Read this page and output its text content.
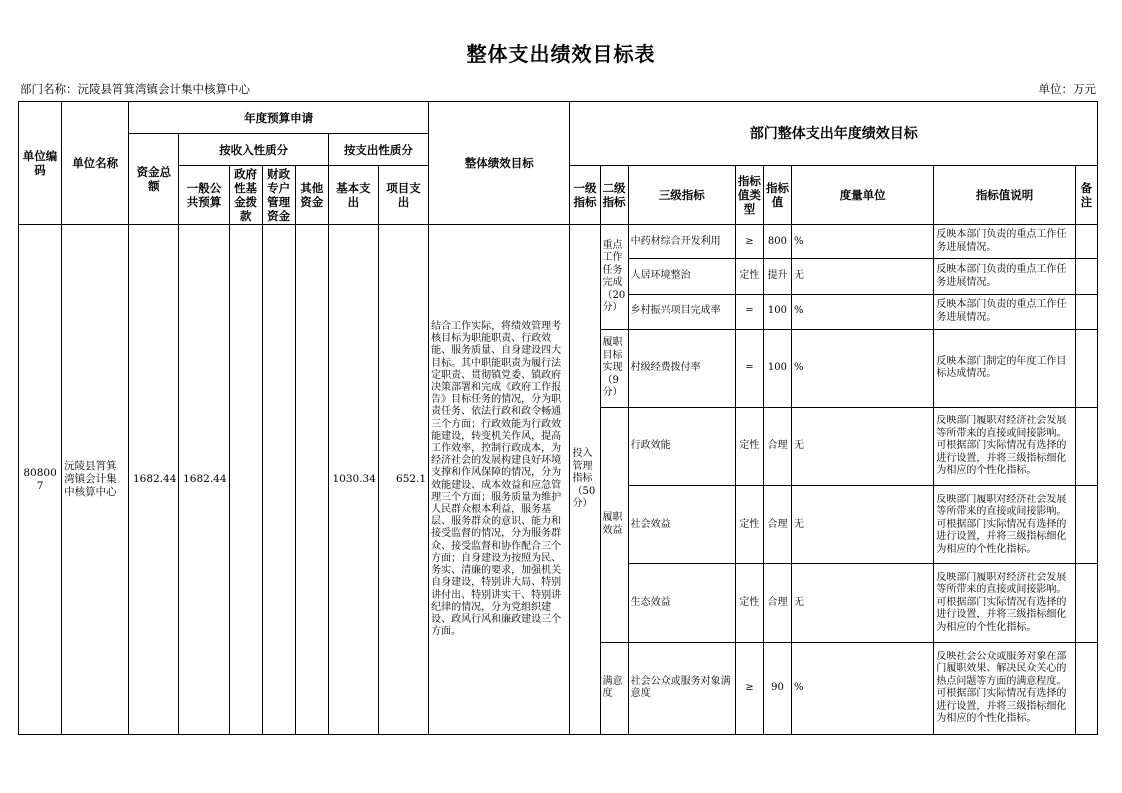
整体支出绩效目标表
部门名称：沅陵县筲箕湾镇会计集中核算中心	单位：万元
单位编码	单位名称	年度预算申请							整体绩效目标	部门整体支出年度绩效目标							
		资金总额	按收入性质分				按支出性质分										
			一般公共预算	政府性基金拨款	财政专户管理资金	其他资金	基本支出	项目支出		一级指标	二级指标	三级指标	指标值类型	指标值	度量单位	指标值说明	备注

808007	沅陵县筲箕湾镇会计集中核算中心	1682.44	1682.44				1030.34	652.1	结合工作实际，将绩效管理考核目标为职能职责、行政效能、服务质量、自身建设四大目标。其中职能职责为履行法定职责、贯彻镇党委、镇政府决策部署和完成《政府工作报告》目标任务的情况，分为职责任务、依法行政和政令畅通三个方面；行政效能为行政效能建设，转变机关作风，提高工作效率，控制行政成本，为经济社会的发展构建良好环境支撑和作风保障的情况，分为效能建设、成本效益和应急管理三个方面；服务质量为维护人民群众根本利益，服务基层、服务群众的意识、能力和接受监督的情况，分为服务群众、接受监督和协作配合三个方面；自身建设为按照为民、务实、清廉的要求，加强机关自身建设，特别讲大局、特别讲付出、特别讲实干、特别讲纪律的情况，分为党组织建设、政风行风和廉政建设三个方面。	投入管理指标（50分）	重点工作任务完成（20分）	中药材综合开发利用	≥	800	%	反映本部门负责的重点工作任务进展情况。	
												人居环境整治	定性	提升	无	反映本部门负责的重点工作任务进展情况。	
												乡村振兴项目完成率	=	100	%	反映本部门负责的重点工作任务进展情况。	
											履职目标实现（9分）	村级经费拨付率	=	100	%	反映本部门制定的年度工作目标达成情况。	
											履职效益	行政效能	定性	合理	无	反映部门履职对经济社会发展等所带来的直接或间接影响。可根据部门实际情况有选择的进行设置，并将三级指标细化为相应的个性化指标。	

												社会效益	定性	合理	无	反映部门履职对经济社会发展等所带来的直接或间接影响。可根据部门实际情况有选择的进行设置，并将三级指标细化为相应的个性化指标。	

												生态效益	定性	合理	无	反映部门履职对经济社会发展等所带来的直接或间接影响。可根据部门实际情况有选择的进行设置，并将三级指标细化为相应的个性化指标。	

											满意度	社会公众或服务对象满意度	≥	90	%	反映社会公众或服务对象在部门履职效果、解决民众关心的热点问题等方面的满意程度。可根据部门实际情况有选择的进行设置，并将三级指标细化为相应的个性化指标。	
